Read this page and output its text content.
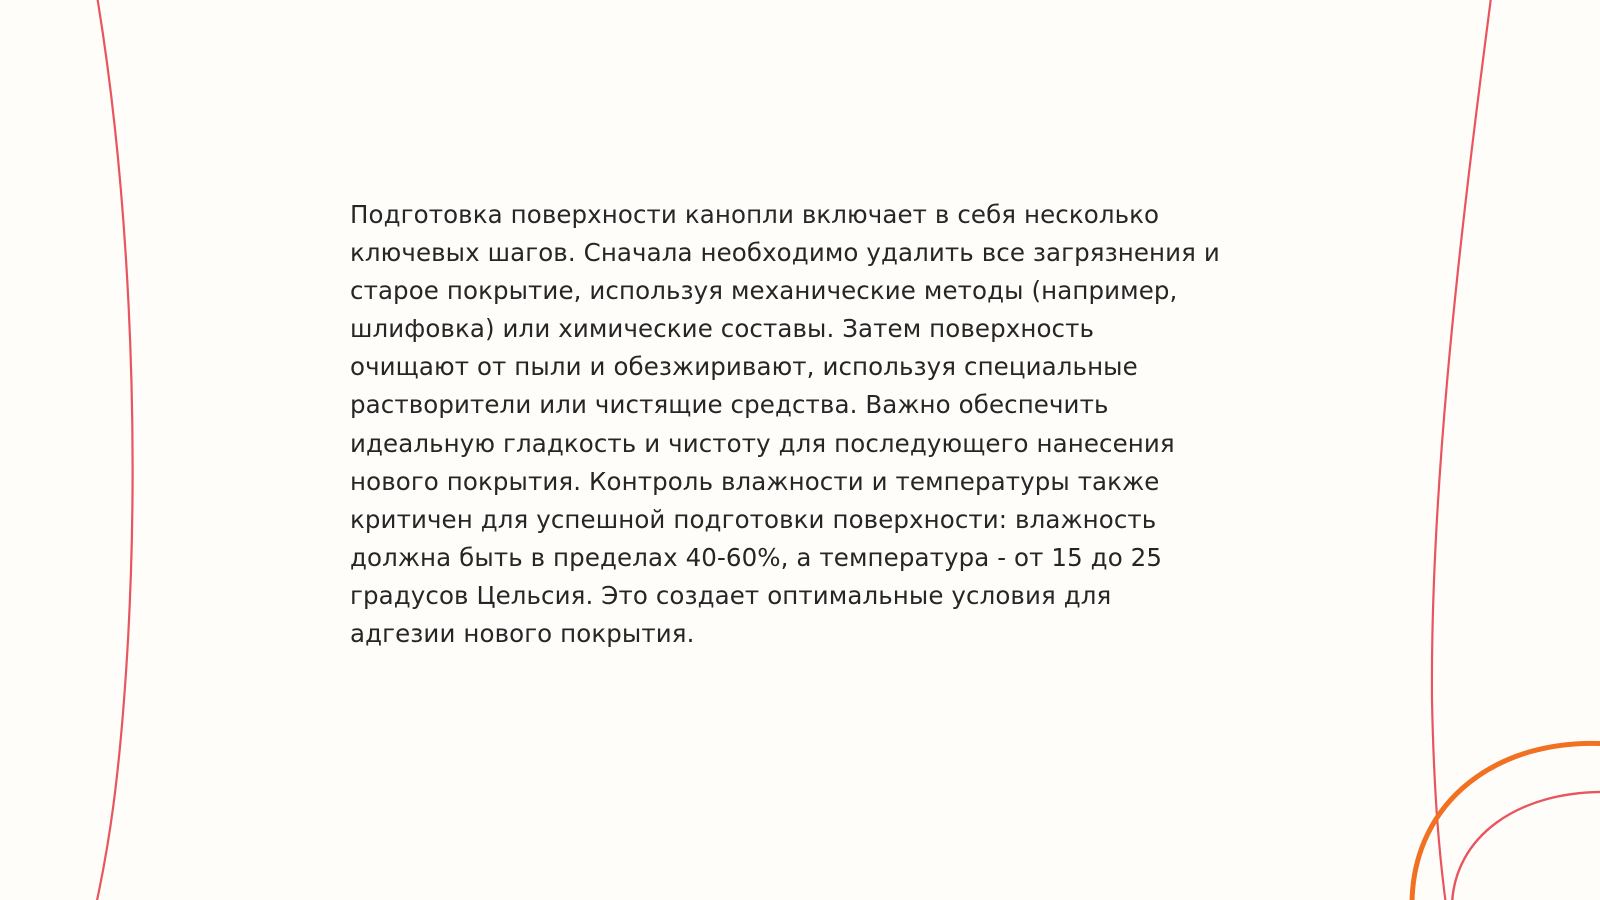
Подготовка поверхности канопли включает в себя несколько ключевых шагов. Сначала необходимо удалить все загрязнения и старое покрытие, используя механические методы (например, шлифовка) или химические составы. Затем поверхность очищают от пыли и обезжиривают, используя специальные растворители или чистящие средства. Важно обеспечить идеальную гладкость и чистоту для последующего нанесения нового покрытия. Контроль влажности и температуры также критичен для успешной подготовки поверхности: влажность должна быть в пределах 40-60%, а температура - от 15 до 25 градусов Цельсия. Это создает оптимальные условия для адгезии нового покрытия.
